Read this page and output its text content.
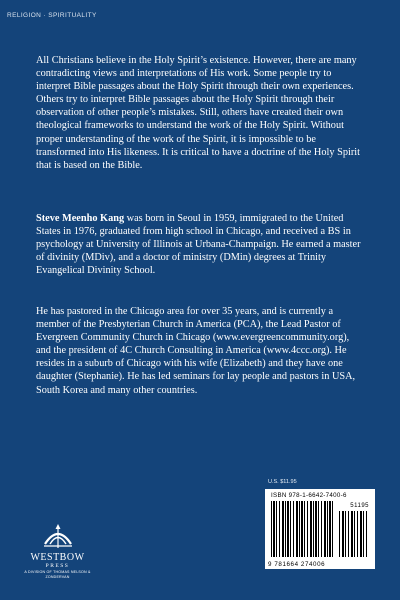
RELIGION · SPIRITUALITY

All Christians believe in the Holy Spirit’s existence. However, there are many contradicting views and interpretations of His work. Some people try to interpret Bible passages about the Holy Spirit through their own experiences. Others try to interpret Bible passages about the Holy Spirit through their observation of other people’s mistakes. Still, others have created their own theological frameworks to understand the work of the Holy Spirit. Without proper understanding of the work of the Spirit, it is impossible to be transformed into His likeness. It is critical to have a doctrine of the Holy Spirit that is based on the Bible.

Steve Meenho Kang was born in Seoul in 1959, immigrated to the United States in 1976, graduated from high school in Chicago, and received a BS in psychology at University of Illinois at Urbana-Champaign. He earned a master of divinity (MDiv), and a doctor of ministry (DMin) degrees at Trinity Evangelical Divinity School.

He has pastored in the Chicago area for over 35 years, and is currently a member of the Presbyterian Church in America (PCA), the Lead Pastor of Evergreen Community Church in Chicago (www.evergreencommunity.org), and the president of 4C Church Consulting in America (www.4ccc.org). He resides in a suburb of Chicago with his wife (Elizabeth) and they have one daughter (Stephanie). He has led seminars for lay people and pastors in USA, South Korea and many other countries.

U.S. $11.95
ISBN 978-1-6642-7400-6
51195
9 781664 274006
WESTBOW
PRESS
A DIVISION OF THOMAS NELSON & ZONDERVAN
